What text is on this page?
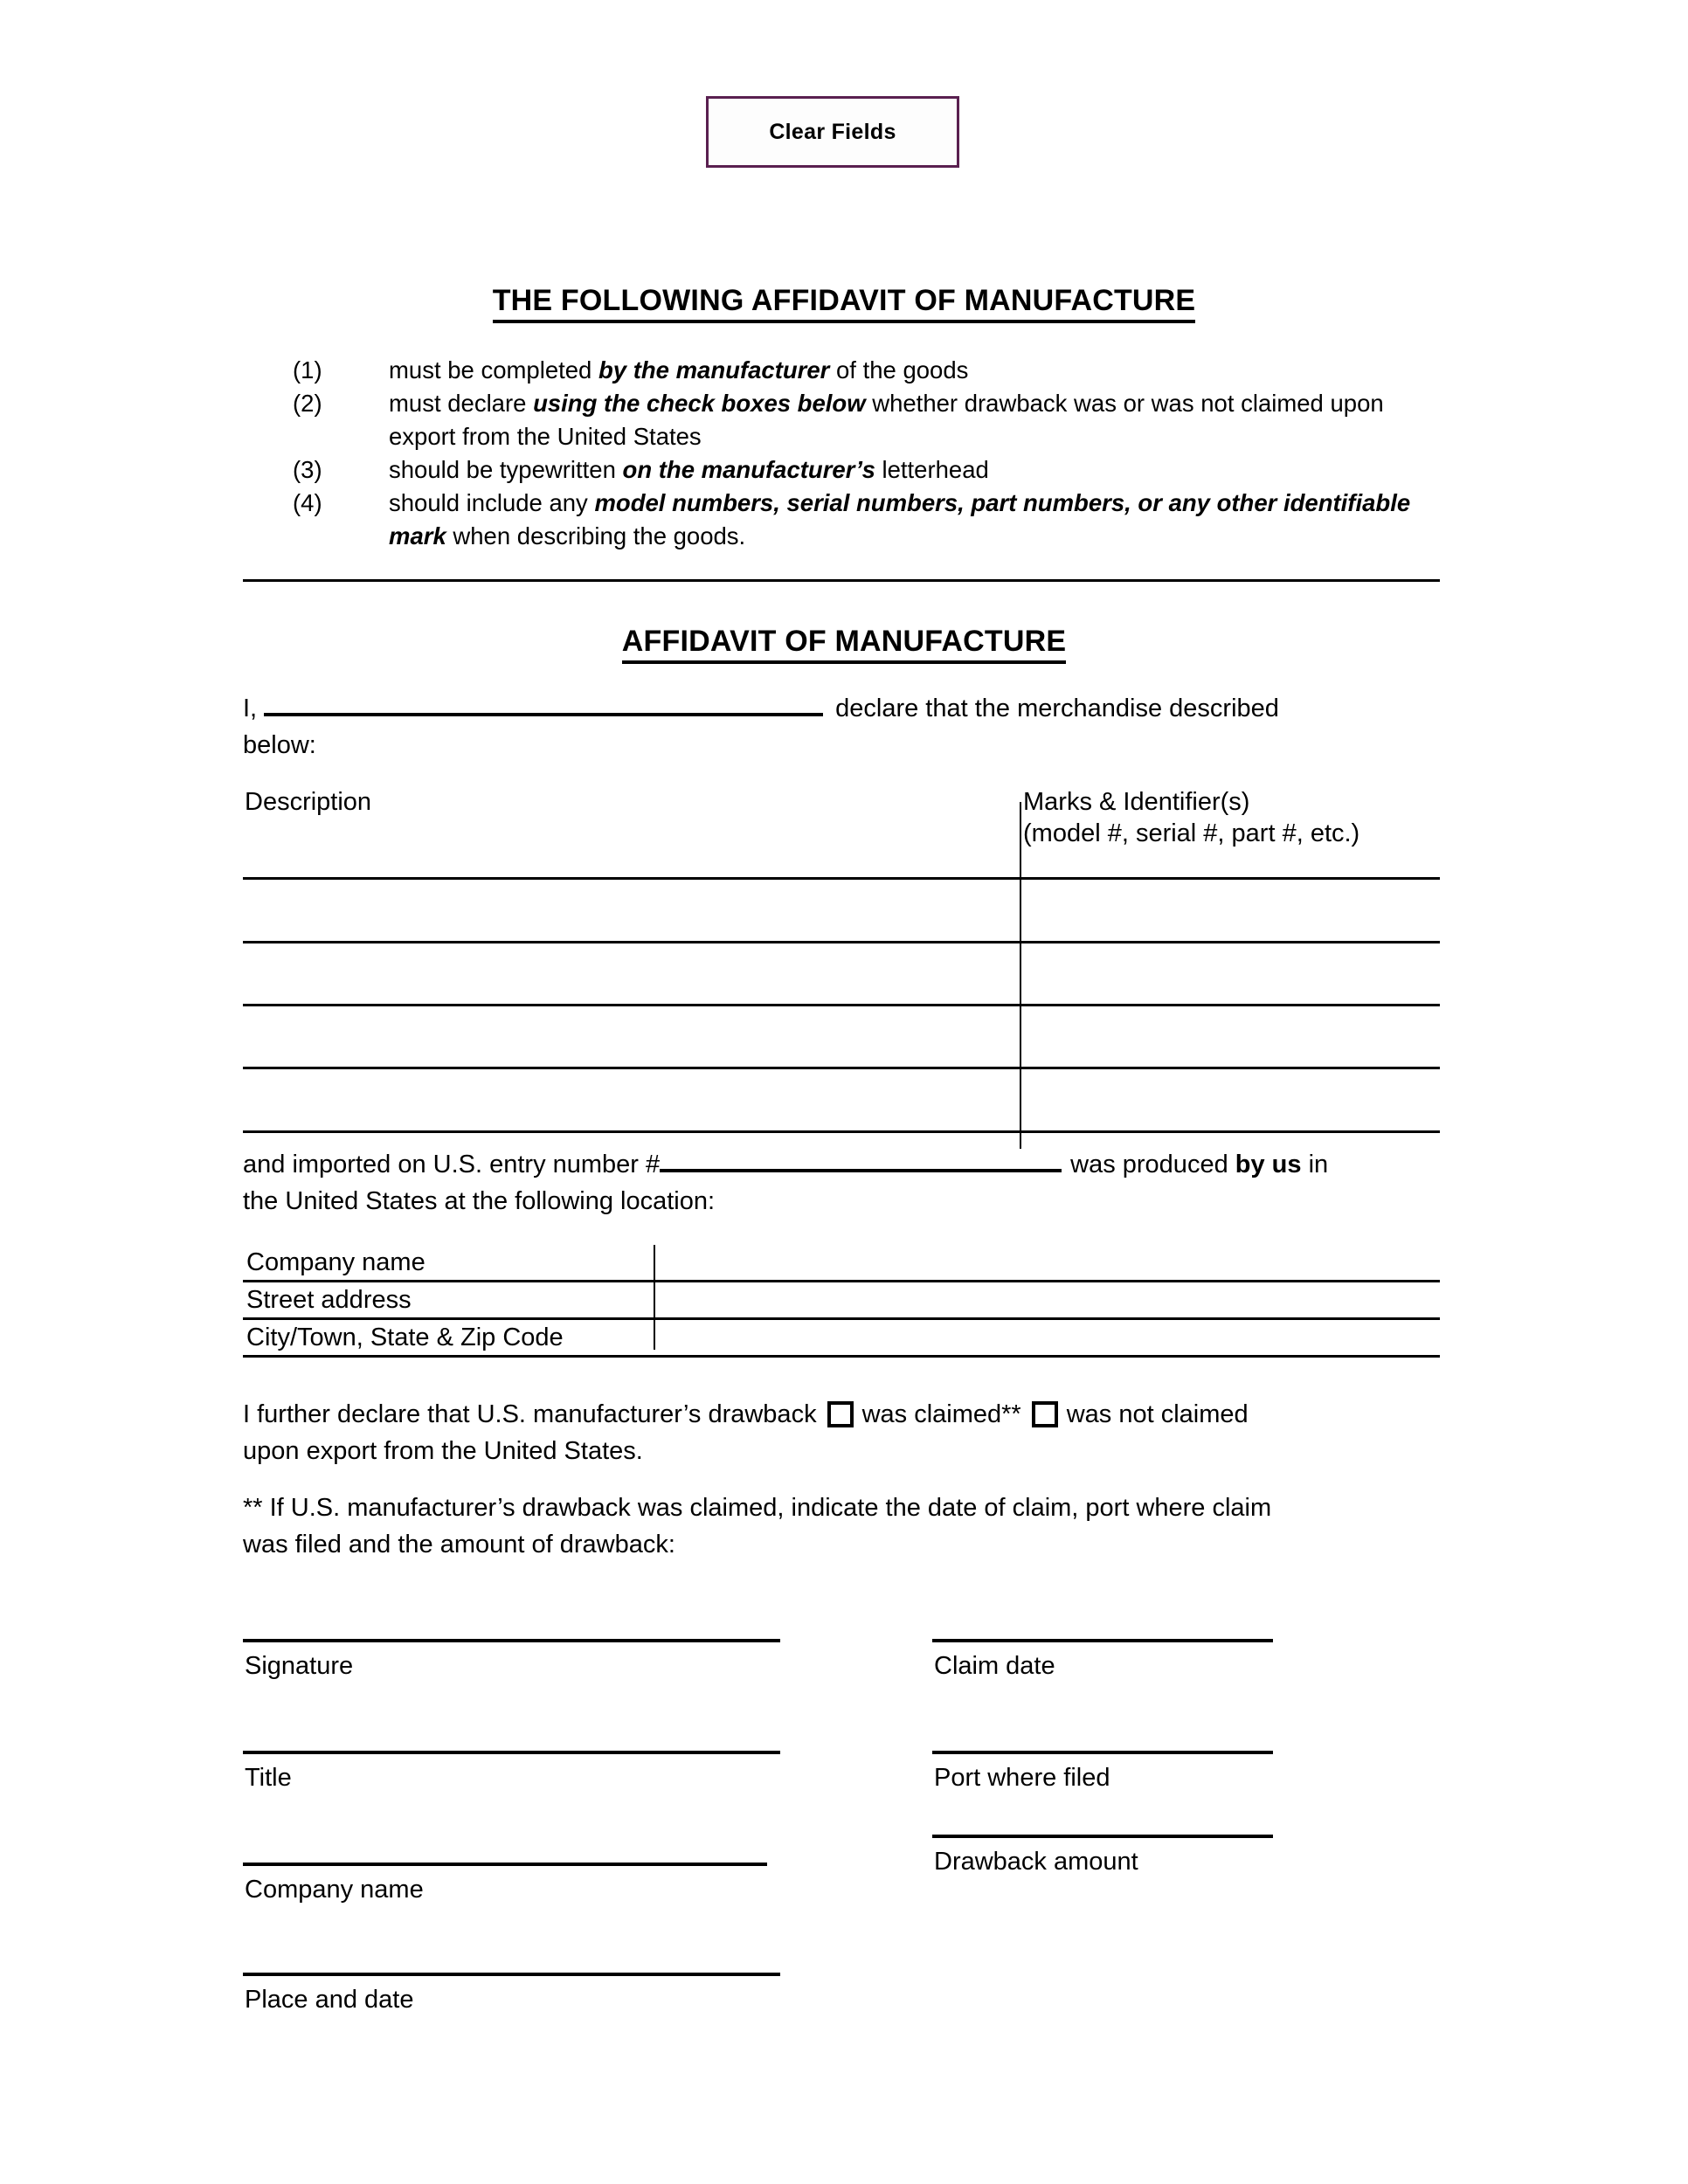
Clear Fields
THE FOLLOWING AFFIDAVIT OF MANUFACTURE
(1)	must be completed by the manufacturer of the goods
(2)	must declare using the check boxes below whether drawback was or was not claimed upon export from the United States
(3)	should be typewritten on the manufacturer’s letterhead
(4)	should include any model numbers, serial numbers, part numbers, or any other identifiable mark when describing the goods.
AFFIDAVIT OF MANUFACTURE
I,	declare that the merchandise described
below:
Description	Marks & Identifier(s)
(model #, serial #, part #, etc.)
and imported on U.S. entry number #	was produced by us in
the United States at the following location:
Company name
Street address
City/Town, State & Zip Code
I further declare that U.S. manufacturer’s drawback was claimed** was not claimed
upon export from the United States.
** If U.S. manufacturer’s drawback was claimed, indicate the date of claim, port where claim
was filed and the amount of drawback:
Signature
Title
Company name
Place and date
Claim date
Port where filed
Drawback amount
